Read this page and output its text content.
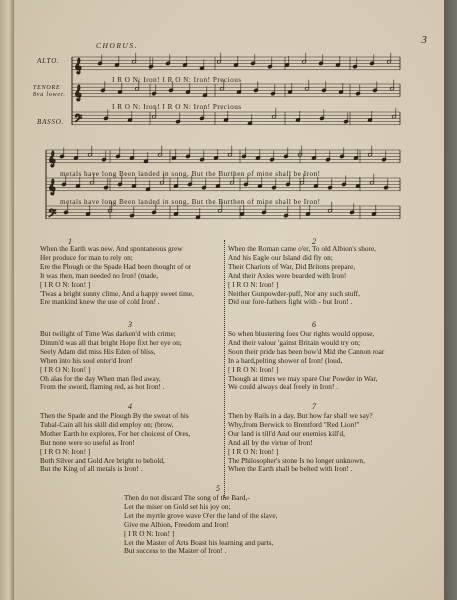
3
CHORUS.
ALTO.
TENORE 8va lower.
BASSO.
𝄞
𝄞
𝄢
𝄞
𝄞
𝄢
I R O N: Iron! I R O N: Iron! Precious
I R O N: Iron! I R O N: Iron! Precious
metals have long Been landed in song, But the Burthen of mine shall be Iron!
metals have long Been landed in song, But the Burthen of mine shall be Iron!
1
When the Earth was new. And spontaneous grew
Her produce for man to rely on;
Ere the Plough or the Spade Had been thought of or
It was then, man needed no Iron! (made,
[ I R O N: Iron! ]
'Twas a bright sunny clime, And a happy sweet time,
Ere mankind knew the use of cold Iron! .
3
But twilight of Time Was darken'd with crime;
Dimm'd was all that bright Hope fixt her eye on;
Seely Adam did miss His Eden of bliss,
When into his soul enter'd Iron!
[ I R O N: Iron! ]
Oh alas for the day When man fled away,
From the sword, flaming red, as hot Iron! .
4
Then the Spade and the Plough By the sweat of his
Tubal-Cain all his skill did employ on; (brow,
Mother Earth he explores, For her choicest of Ores,
But none were so useful as Iron!
[ I R O N: Iron! ]
Both Silver and Gold Are bright to behold,
But the King of all metals is Iron! .
2
When the Roman came o'er, To old Albion's shore,
And his Eagle our Island did fly on;
Their Chariots of War, Did Britons prepare,
And their Axles were bearded with Iron!
[ I R O N: Iron! ]
Neither Gunpowder-puff, Nor any such stuff,
Did our fore-fathers fight with - but Iron! .
6
So when blustering foes Our rights would oppose,
And their valour 'gainst Britain would try on;
Soon their pride has been bow'd Mid the Cannon roar
In a hard,pelting shower of Iron! (loud,
[ I R O N: Iron! ]
Though at times we may spare Our Powder in War,
We could always deal freely in Iron! .
7
Then by Rails in a day, But how far shall we say?
Why,from Berwick to Brentford "Red Lion!"
Our land is till'd And our enemies kill'd,
And all by the virtue of Iron!
[ I R O N: Iron! ]
The Philosopher's stone Is no longer unknown,
When the Earth shall be belted with Iron! .
5
Then do not discard The song of the Bard,-
Let the miser on Gold set his joy on;
Let the myrtle grove wave O'er the land of the slave,
Give me Albion, Freedom and Iron!
[ I R O N: Iron! ]
Let the Master of Arts Boast his learning and parts,
But success to the Master of Iron! .
